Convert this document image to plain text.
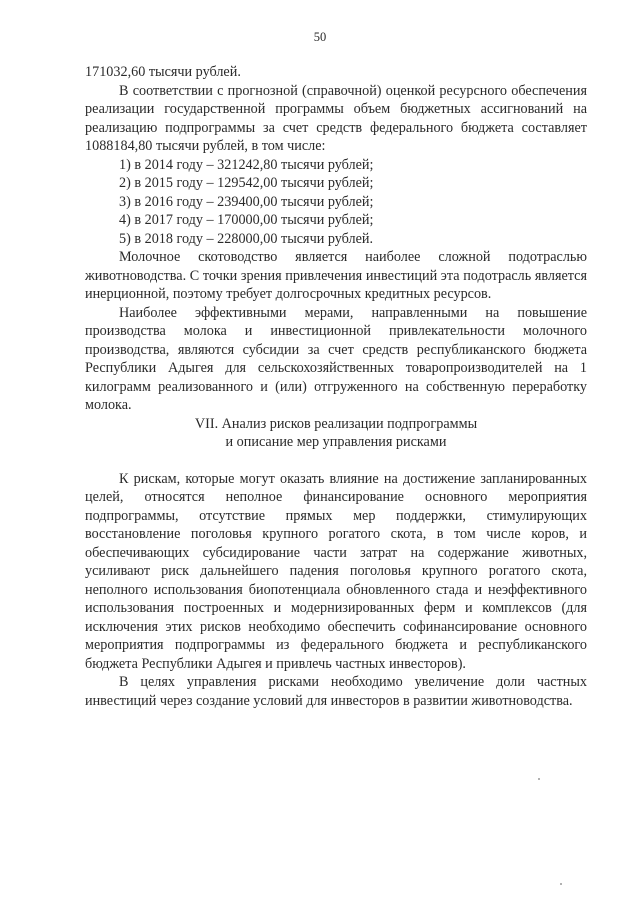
50

171032,60 тысячи рублей.

В соответствии с прогнозной (справочной) оценкой ресурсного обеспечения реализации государственной программы объем бюджетных ассигнований на реализацию подпрограммы за счет средств федерального бюджета составляет 1088184,80 тысячи рублей, в том числе:

1) в 2014 году – 321242,80 тысячи рублей;
2) в 2015 году – 129542,00 тысячи рублей;
3) в 2016 году – 239400,00 тысячи рублей;
4) в 2017 году – 170000,00 тысячи рублей;
5) в 2018 году – 228000,00 тысячи рублей.

Молочное скотоводство является наиболее сложной подотраслью животноводства. С точки зрения привлечения инвестиций эта подотрасль является инерционной, поэтому требует долгосрочных кредитных ресурсов.

Наиболее эффективными мерами, направленными на повышение производства молока и инвестиционной привлекательности молочного производства, являются субсидии за счет средств республиканского бюджета Республики Адыгея для сельскохозяйственных товаропроизводителей на 1 килограмм реализованного и (или) отгруженного на собственную переработку молока.

VII. Анализ рисков реализации подпрограммы
и описание мер управления рисками

К рискам, которые могут оказать влияние на достижение запланированных целей, относятся неполное финансирование основного мероприятия подпрограммы, отсутствие прямых мер поддержки, стимулирующих восстановление поголовья крупного рогатого скота, в том числе коров, и обеспечивающих субсидирование части затрат на содержание животных, усиливают риск дальнейшего падения поголовья крупного рогатого скота, неполного использования биопотенциала обновленного стада и неэффективного использования построенных и модернизированных ферм и комплексов (для исключения этих рисков необходимо обеспечить софинансирование основного мероприятия подпрограммы из федерального бюджета и республиканского бюджета Республики Адыгея и привлечь частных инвесторов).

В целях управления рисками необходимо увеличение доли частных инвестиций через создание условий для инвесторов в развитии животноводства.
